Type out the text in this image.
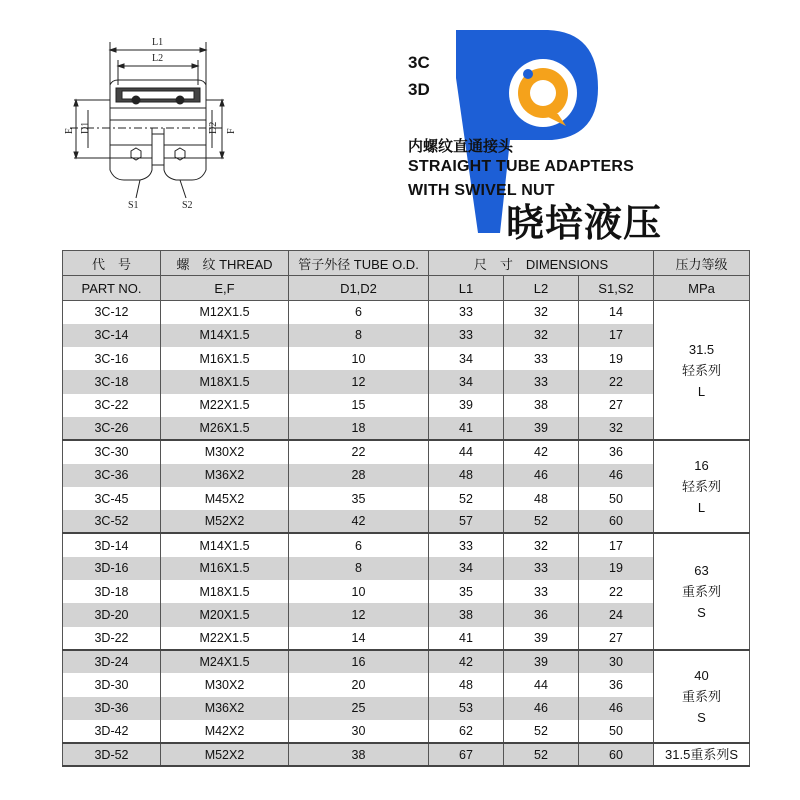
L1
L2
E D1	D2 F
S1	S2
3C
3D
内螺纹直通接头
STRAIGHT TUBE ADAPTERS
WITH SWIVEL NUT
晓培液压
代　号	螺　纹 THREAD	管子外径 TUBE O.D.	尺　寸　DIMENSIONS			压力等级
PART NO.	E,F	D1,D2	L1	L2	S1,S2	MPa
3C-12	M12X1.5	6	33	32	14	31.5
轻系列
L

3C-14	M14X1.5	8	33	32	17	
3C-16	M16X1.5	10	34	33	19	
3C-18	M18X1.5	12	34	33	22	
3C-22	M22X1.5	15	39	38	27	
3C-26	M26X1.5	18	41	39	32	
3C-30	M30X2	22	44	42	36	16
轻系列
L

3C-36	M36X2	28	48	46	46	
3C-45	M45X2	35	52	48	50	
3C-52	M52X2	42	57	52	60	
3D-14	M14X1.5	6	33	32	17	63
重系列
S

3D-16	M16X1.5	8	34	33	19	
3D-18	M18X1.5	10	35	33	22	
3D-20	M20X1.5	12	38	36	24	
3D-22	M22X1.5	14	41	39	27	
3D-24	M24X1.5	16	42	39	30	40
重系列
S

3D-30	M30X2	20	48	44	36	
3D-36	M36X2	25	53	46	46	
3D-42	M42X2	30	62	52	50	
3D-52	M52X2	38	67	52	60	31.5重系列S
